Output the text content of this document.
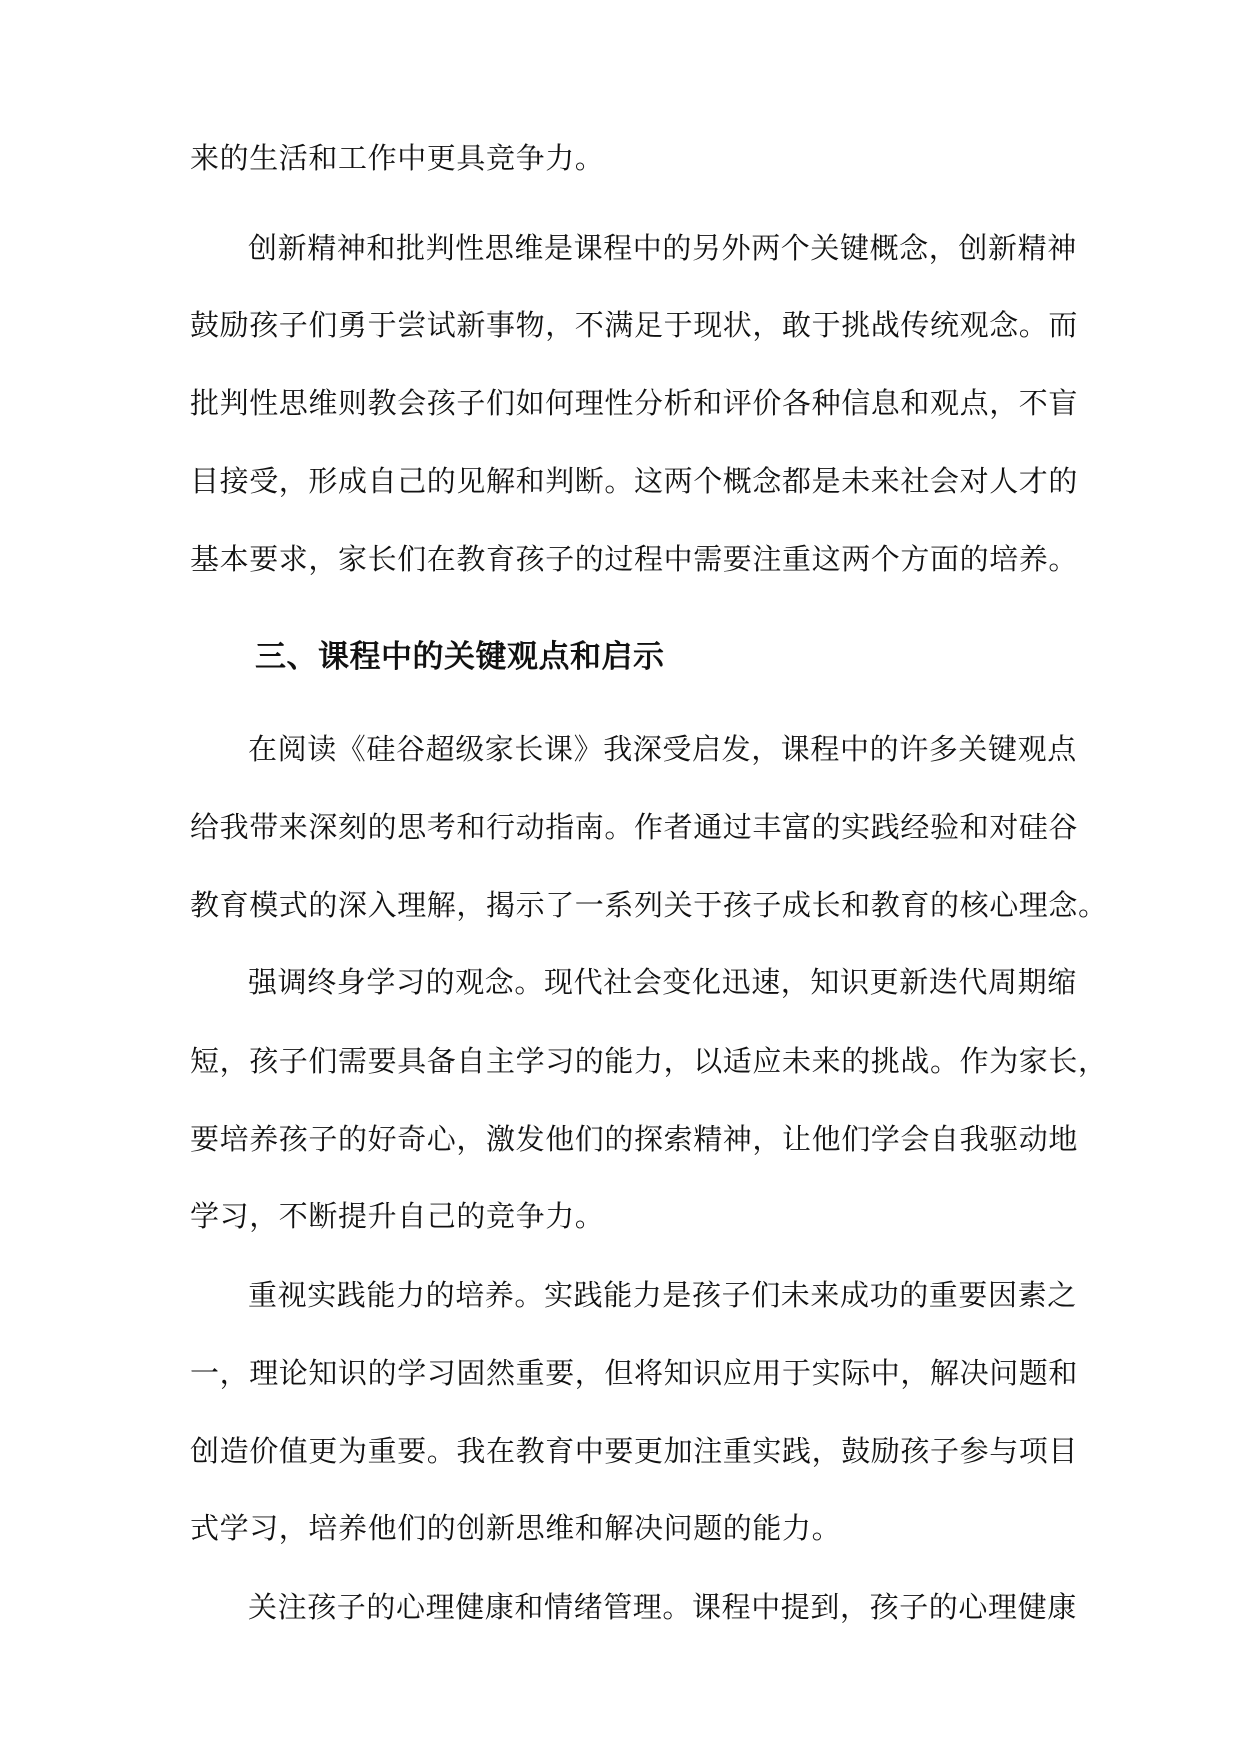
来的生活和工作中更具竞争力。
创新精神和批判性思维是课程中的另外两个关键概念，创新精神
鼓励孩子们勇于尝试新事物，不满足于现状，敢于挑战传统观念。而
批判性思维则教会孩子们如何理性分析和评价各种信息和观点，不盲
目接受，形成自己的见解和判断。这两个概念都是未来社会对人才的
基本要求，家长们在教育孩子的过程中需要注重这两个方面的培养。
三、课程中的关键观点和启示
在阅读《硅谷超级家长课》我深受启发，课程中的许多关键观点
给我带来深刻的思考和行动指南。作者通过丰富的实践经验和对硅谷
教育模式的深入理解，揭示了一系列关于孩子成长和教育的核心理念。
强调终身学习的观念。现代社会变化迅速，知识更新迭代周期缩
短，孩子们需要具备自主学习的能力，以适应未来的挑战。作为家长，
要培养孩子的好奇心，激发他们的探索精神，让他们学会自我驱动地
学习，不断提升自己的竞争力。
重视实践能力的培养。实践能力是孩子们未来成功的重要因素之
一，理论知识的学习固然重要，但将知识应用于实际中，解决问题和
创造价值更为重要。我在教育中要更加注重实践，鼓励孩子参与项目
式学习，培养他们的创新思维和解决问题的能力。
关注孩子的心理健康和情绪管理。课程中提到，孩子的心理健康
